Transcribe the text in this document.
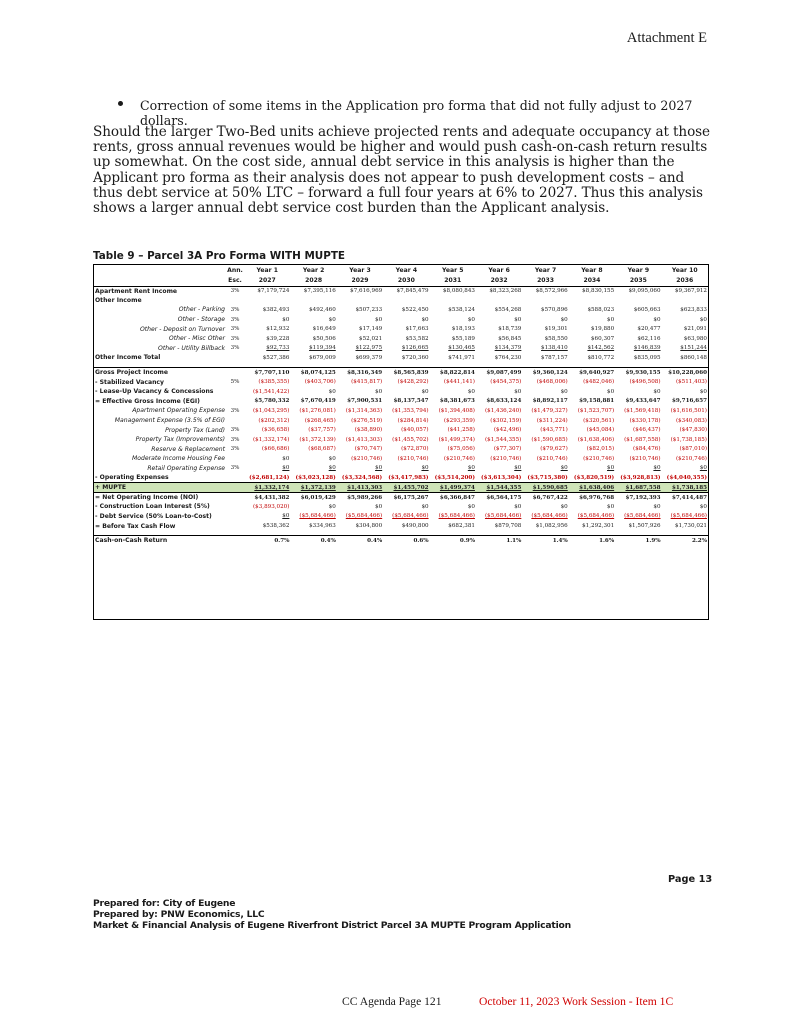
Attachment E
Correction of some items in the Application pro forma that did not fully adjust to 2027 dollars.
Should the larger Two-Bed units achieve projected rents and adequate occupancy at those rents, gross annual revenues would be higher and would push cash-on-cash return results up somewhat. On the cost side, annual debt service in this analysis is higher than the Applicant pro forma as their analysis does not appear to push development costs – and thus debt service at 50% LTC – forward a full four years at 6% to 2027. Thus this analysis shows a larger annual debt service cost burden than the Applicant analysis.
Table 9 – Parcel 3A Pro Forma WITH MUPTE
	Ann.	Year 1	Year 2	Year 3	Year 4	Year 5	Year 6	Year 7	Year 8	Year 9	Year 10
	Esc.	2027	2028	2029	2030	2031	2032	2033	2034	2035	2036
Apartment Rent Income	3%	$7,179,724	$7,395,116	$7,616,969	$7,845,479	$8,080,843	$8,323,268	$8,572,966	$8,830,155	$9,095,060	$9,367,912
Other Income											
Other - Parking	3%	$382,493	$492,460	$507,233	$522,450	$538,124	$554,268	$570,896	$588,023	$605,663	$623,833
Other - Storage	3%	$0	$0	$0	$0	$0	$0	$0	$0	$0	$0
Other - Deposit on Turnover	3%	$12,932	$16,649	$17,149	$17,663	$18,193	$18,739	$19,301	$19,880	$20,477	$21,091
Other - Misc Other	3%	$39,228	$50,506	$52,021	$53,582	$55,189	$56,845	$58,550	$60,307	$62,116	$63,980
Other - Utility Billback	3%	$92,733	$119,394	$122,975	$126,665	$130,465	$134,379	$138,410	$142,562	$146,839	$151,244
Other Income Total		$527,386	$679,009	$699,379	$720,360	$741,971	$764,230	$787,157	$810,772	$835,095	$860,148

Gross Project Income		$7,707,110	$8,074,125	$8,316,349	$8,565,839	$8,822,814	$9,087,499	$9,360,124	$9,640,927	$9,930,155	$10,228,060
- Stabilized Vacancy	5%	($385,355)	($403,706)	($415,817)	($428,292)	($441,141)	($454,375)	($468,006)	($482,046)	($496,508)	($511,403)
- Lease-Up Vacancy & Concessions		($1,541,422)	$0	$0	$0	$0	$0	$0	$0	$0	$0
= Effective Gross Income (EGI)		$5,780,332	$7,670,419	$7,900,531	$8,137,547	$8,381,673	$8,633,124	$8,892,117	$9,158,881	$9,433,647	$9,716,657
Apartment Operating Expense	3%	($1,043,295)	($1,276,081)	($1,314,363)	($1,353,794)	($1,394,408)	($1,436,240)	($1,479,327)	($1,523,707)	($1,569,418)	($1,616,501)
Management Expense (3.5% of EGI)		($202,312)	($268,465)	($276,519)	($284,814)	($293,359)	($302,159)	($311,224)	($320,561)	($330,178)	($340,083)
Property Tax (Land)	3%	($36,658)	($37,757)	($38,890)	($40,057)	($41,258)	($42,496)	($43,771)	($45,084)	($46,437)	($47,830)
Property Tax (Improvements)	3%	($1,332,174)	($1,372,139)	($1,413,303)	($1,455,702)	($1,499,374)	($1,544,355)	($1,590,685)	($1,638,406)	($1,687,558)	($1,738,185)
Reserve & Replacement	3%	($66,686)	($68,687)	($70,747)	($72,870)	($75,056)	($77,307)	($79,627)	($82,015)	($84,476)	($87,010)
Moderate Income Housing Fee		$0	$0	($210,746)	($210,746)	($210,746)	($210,746)	($210,746)	($210,746)	($210,746)	($210,746)
Retail Operating Expense	3%	$0	$0	$0	$0	$0	$0	$0	$0	$0	$0
- Operating Expenses		($2,681,124)	($3,023,128)	($3,324,568)	($3,417,983)	($3,514,200)	($3,613,304)	($3,715,380)	($3,820,519)	($3,928,813)	($4,040,355)
+ MUPTE		$1,332,174	$1,372,139	$1,413,303	$1,455,702	$1,499,374	$1,544,355	$1,590,685	$1,638,406	$1,687,558	$1,738,185
= Net Operating Income (NOI)		$4,431,382	$6,019,429	$5,989,266	$6,175,267	$6,366,847	$6,564,175	$6,767,422	$6,976,768	$7,192,393	$7,414,487
- Construction Loan Interest (5%)		($3,893,020)	$0	$0	$0	$0	$0	$0	$0	$0	$0
- Debt Service (50% Loan-to-Cost)		$0	($5,684,466)	($5,684,466)	($5,684,466)	($5,684,466)	($5,684,466)	($5,684,466)	($5,684,466)	($5,684,466)	($5,684,466)
= Before Tax Cash Flow		$538,362	$334,963	$304,800	$490,800	$682,381	$879,708	$1,082,956	$1,292,301	$1,507,926	$1,730,021

Cash-on-Cash Return		0.7%	0.4%	0.4%	0.6%	0.9%	1.1%	1.4%	1.6%	1.9%	2.2%
Page 13
Prepared for: City of Eugene
Prepared by: PNW Economics, LLC
Market & Financial Analysis of Eugene Riverfront District Parcel 3A MUPTE Program Application
CC Agenda Page 121	October 11, 2023 Work Session - Item 1C
